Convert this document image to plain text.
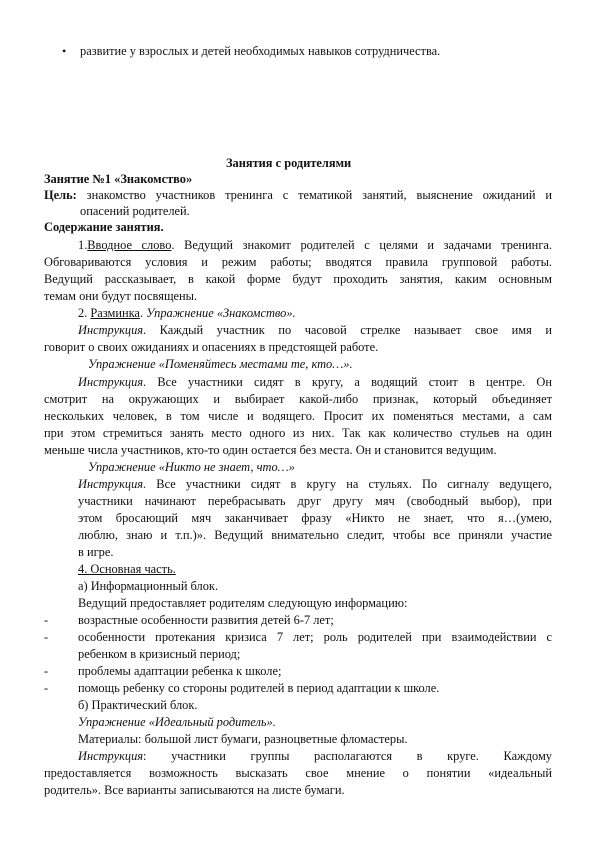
• развитие у взрослых и детей необходимых навыков сотрудничества.
Занятия с родителями
Занятие №1 «Знакомство»
Цель: знакомство участников тренинга с тематикой занятий, выяснение ожиданий и
опасений родителей.
Содержание занятия.
1.Вводное слово. Ведущий знакомит родителей с целями и задачами тренинга.
Обговариваются условия и режим работы; вводятся правила групповой работы.
Ведущий рассказывает, в какой форме будут проходить занятия, каким основным
темам они будут посвящены.
2. Разминка. Упражнение «Знакомство».
Инструкция. Каждый участник по часовой стрелке называет свое имя и
говорит о своих ожиданиях и опасениях в предстоящей работе.
Упражнение «Поменяйтесь местами те, кто…».
Инструкция. Все участники сидят в кругу, а водящий стоит в центре. Он
смотрит на окружающих и выбирает какой-либо признак, который объединяет
нескольких человек, в том числе и водящего. Просит их поменяться местами, а сам
при этом стремиться занять место одного из них. Так как количество стульев на один
меньше числа участников, кто-то один остается без места. Он и становится ведущим.
Упражнение «Никто не знает, что…»
Инструкция. Все участники сидят в кругу на стульях. По сигналу ведущего,
участники начинают перебрасывать друг другу мяч (свободный выбор), при
этом бросающий мяч заканчивает фразу «Никто не знает, что я…(умею,
люблю, знаю и т.п.)». Ведущий внимательно следит, чтобы все приняли участие
в игре.
4. Основная часть.
а) Информационный блок.
Ведущий предоставляет родителям следующую информацию:
- возрастные особенности развития детей 6-7 лет;
- особенности протекания кризиса 7 лет; роль родителей при взаимодействии с
ребенком в кризисный период;
- проблемы адаптации ребенка к школе;
- помощь ребенку со стороны родителей в период адаптации к школе.
б) Практический блок.
Упражнение «Идеальный родитель».
Материалы: большой лист бумаги, разноцветные фломастеры.
Инструкция: участники группы располагаются в круге. Каждому
предоставляется возможность высказать свое мнение о понятии «идеальный
родитель». Все варианты записываются на листе бумаги.
